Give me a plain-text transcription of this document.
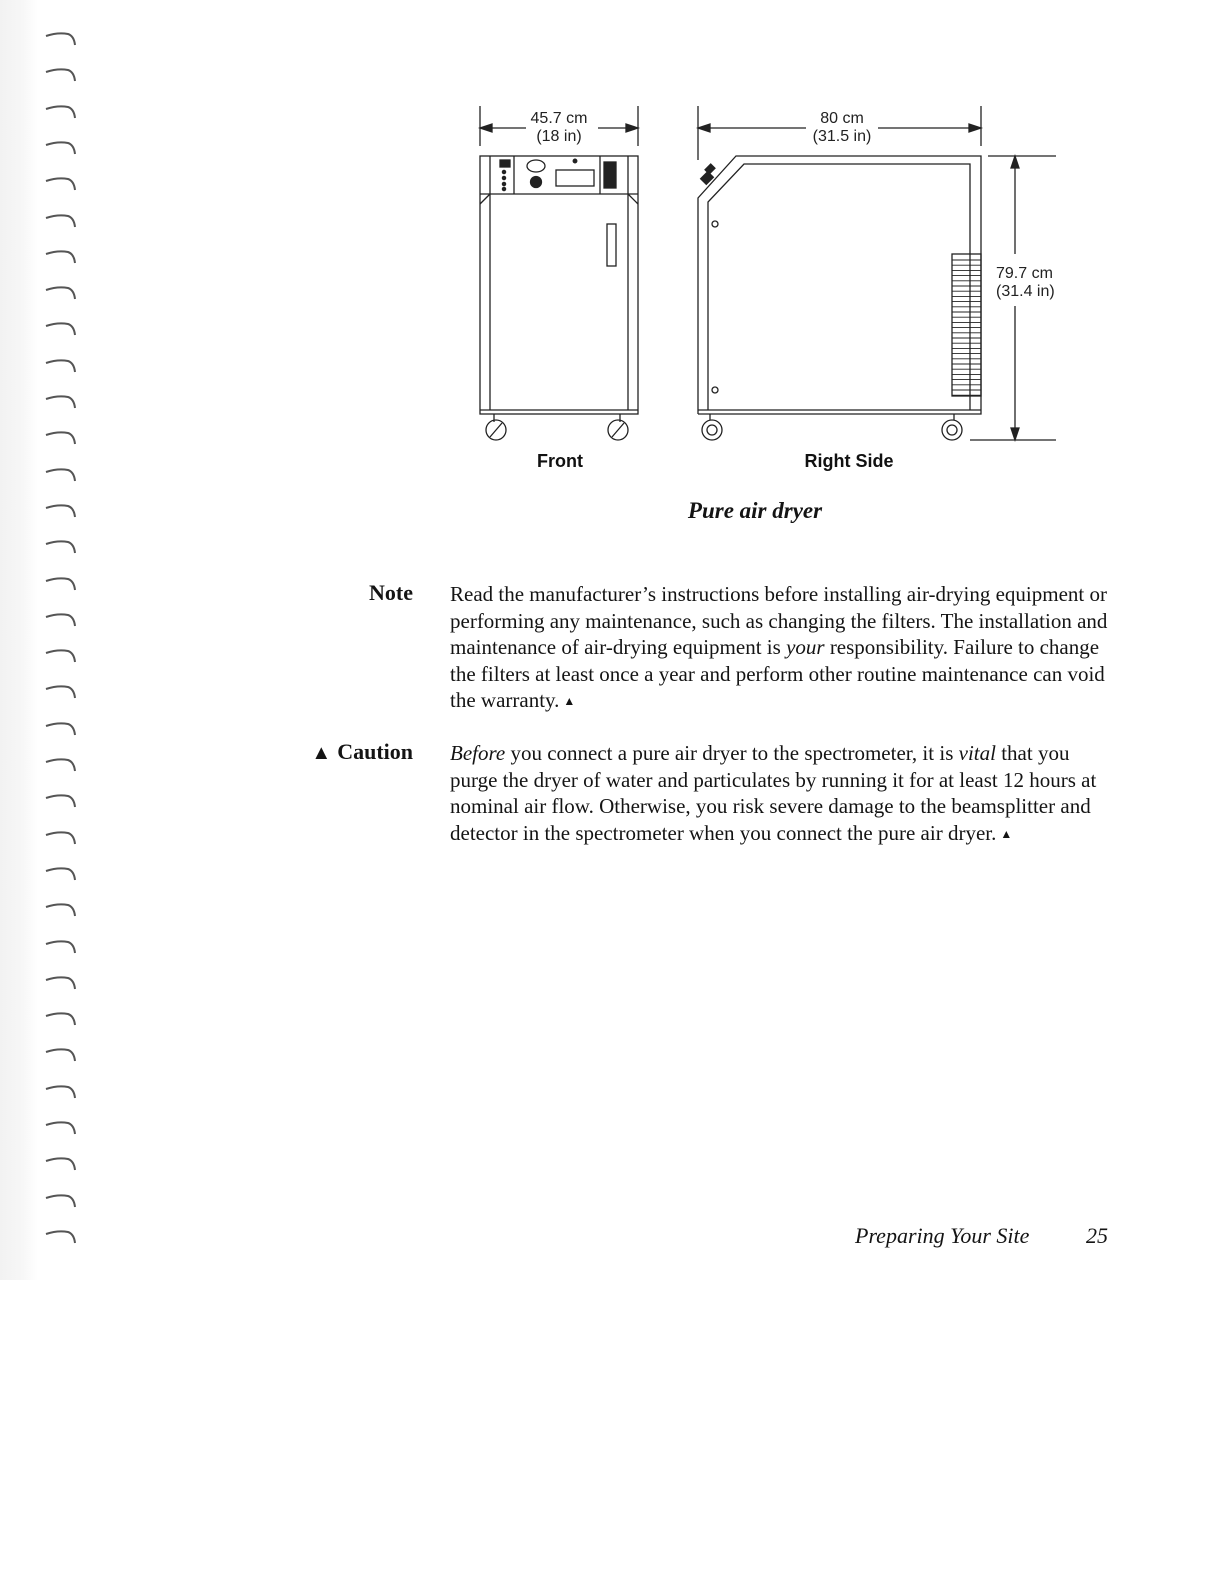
45.7 cm
(18 in)
80 cm
(31.5 in)
79.7 cm
(31.4 in)
Front	Right Side
Pure air dryer
Note Read the manufacturer’s instructions before installing air-drying equipment or performing any maintenance, such as changing the filters. The installation and maintenance of air-drying equipment is your responsibility. Failure to change the filters at least once a year and perform other routine maintenance can void the warranty. ▲
▲ Caution Before you connect a pure air dryer to the spectrometer, it is vital that you purge the dryer of water and particulates by running it for at least 12 hours at nominal air flow. Otherwise, you risk severe damage to the beamsplitter and detector in the spectrometer when you connect the pure air dryer. ▲
Preparing Your Site	25
